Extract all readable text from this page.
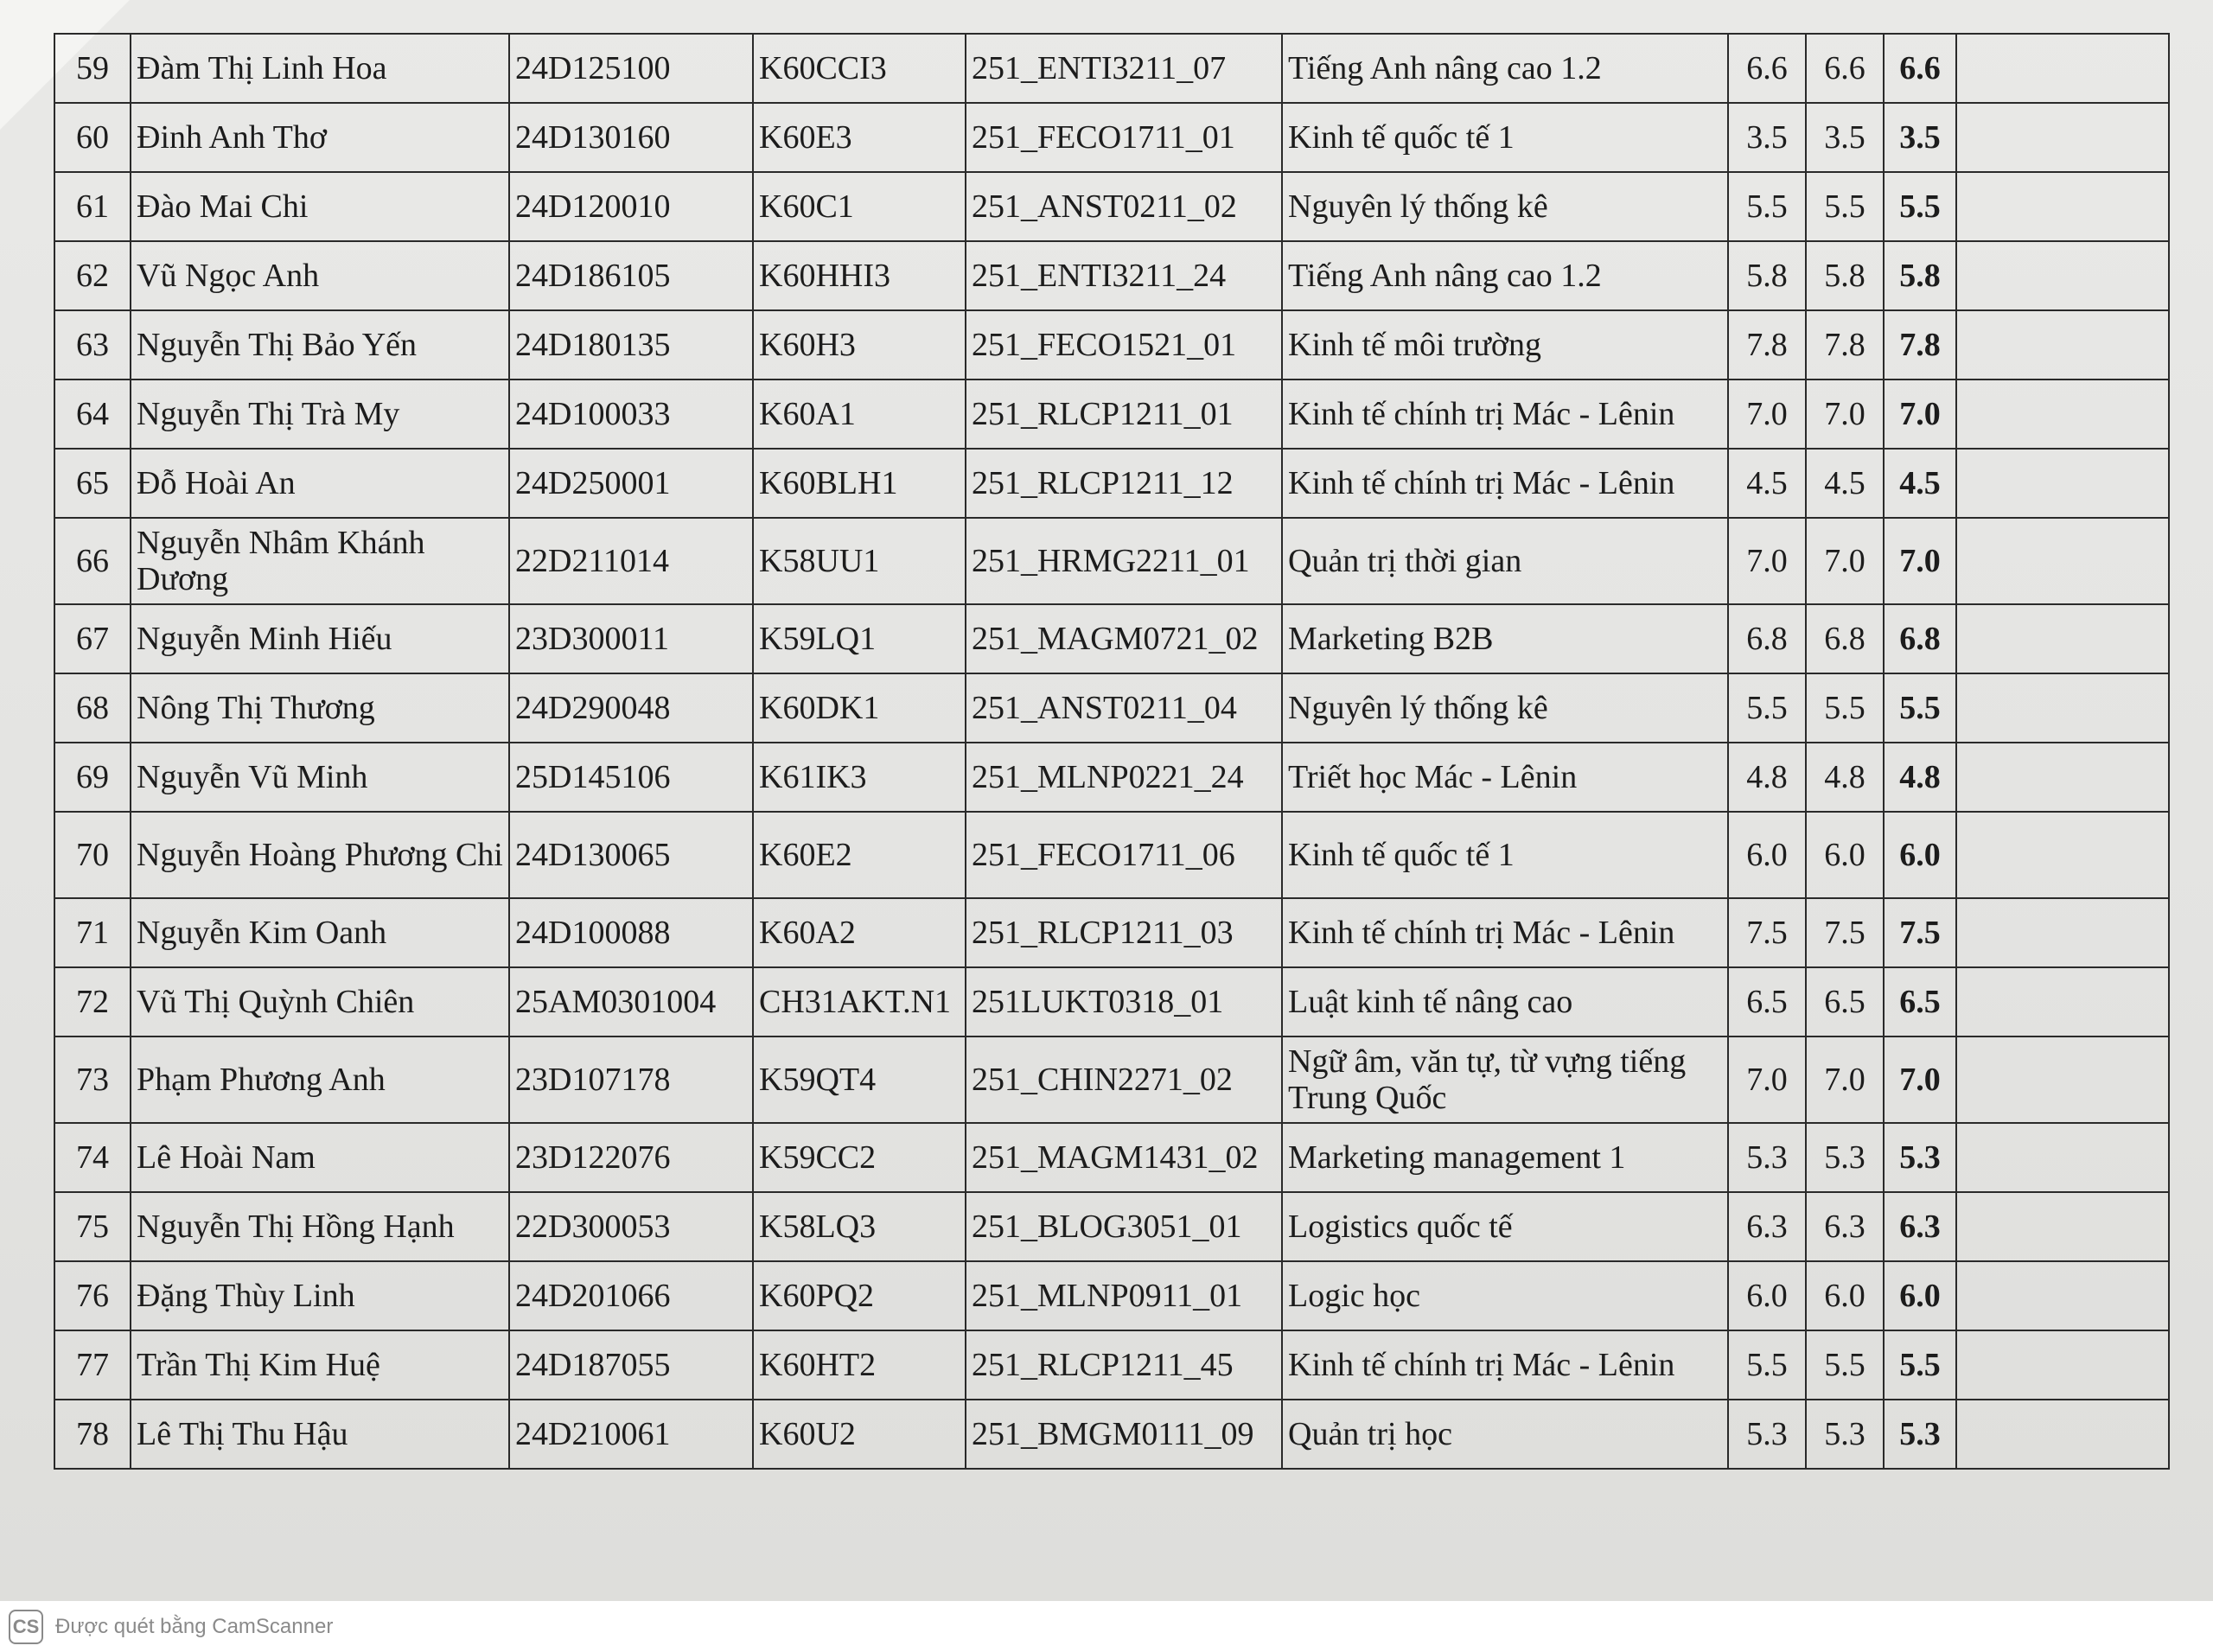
59	Đàm Thị Linh Hoa	24D125100	K60CCI3	251_ENTI3211_07	Tiếng Anh nâng cao 1.2	6.6	6.6	6.6	
60	Đinh Anh Thơ	24D130160	K60E3	251_FECO1711_01	Kinh tế quốc tế 1	3.5	3.5	3.5	
61	Đào Mai Chi	24D120010	K60C1	251_ANST0211_02	Nguyên lý thống kê	5.5	5.5	5.5	
62	Vũ Ngọc Anh	24D186105	K60HHI3	251_ENTI3211_24	Tiếng Anh nâng cao 1.2	5.8	5.8	5.8	
63	Nguyễn Thị Bảo Yến	24D180135	K60H3	251_FECO1521_01	Kinh tế môi trường	7.8	7.8	7.8	
64	Nguyễn Thị Trà My	24D100033	K60A1	251_RLCP1211_01	Kinh tế chính trị Mác - Lênin	7.0	7.0	7.0	
65	Đỗ Hoài An	24D250001	K60BLH1	251_RLCP1211_12	Kinh tế chính trị Mác - Lênin	4.5	4.5	4.5	
66	Nguyễn Nhâm Khánh Dương	22D211014	K58UU1	251_HRMG2211_01	Quản trị thời gian	7.0	7.0	7.0	
67	Nguyễn Minh Hiếu	23D300011	K59LQ1	251_MAGM0721_02	Marketing B2B	6.8	6.8	6.8	
68	Nông Thị Thương	24D290048	K60DK1	251_ANST0211_04	Nguyên lý thống kê	5.5	5.5	5.5	
69	Nguyễn Vũ Minh	25D145106	K61IK3	251_MLNP0221_24	Triết học Mác - Lênin	4.8	4.8	4.8	
70	Nguyễn Hoàng Phương Chi	24D130065	K60E2	251_FECO1711_06	Kinh tế quốc tế 1	6.0	6.0	6.0	
71	Nguyễn Kim Oanh	24D100088	K60A2	251_RLCP1211_03	Kinh tế chính trị Mác - Lênin	7.5	7.5	7.5	
72	Vũ Thị Quỳnh Chiên	25AM0301004	CH31AKT.N1	251LUKT0318_01	Luật kinh tế nâng cao	6.5	6.5	6.5	
73	Phạm Phương Anh	23D107178	K59QT4	251_CHIN2271_02	Ngữ âm, văn tự, từ vựng tiếng Trung Quốc	7.0	7.0	7.0	
74	Lê Hoài Nam	23D122076	K59CC2	251_MAGM1431_02	Marketing management 1	5.3	5.3	5.3	
75	Nguyễn Thị Hồng Hạnh	22D300053	K58LQ3	251_BLOG3051_01	Logistics quốc tế	6.3	6.3	6.3	
76	Đặng Thùy Linh	24D201066	K60PQ2	251_MLNP0911_01	Logic học	6.0	6.0	6.0	
77	Trần Thị Kim Huệ	24D187055	K60HT2	251_RLCP1211_45	Kinh tế chính trị Mác - Lênin	5.5	5.5	5.5	
78	Lê Thị Thu Hậu	24D210061	K60U2	251_BMGM0111_09	Quản trị học	5.3	5.3	5.3	
CS Được quét bằng CamScanner
